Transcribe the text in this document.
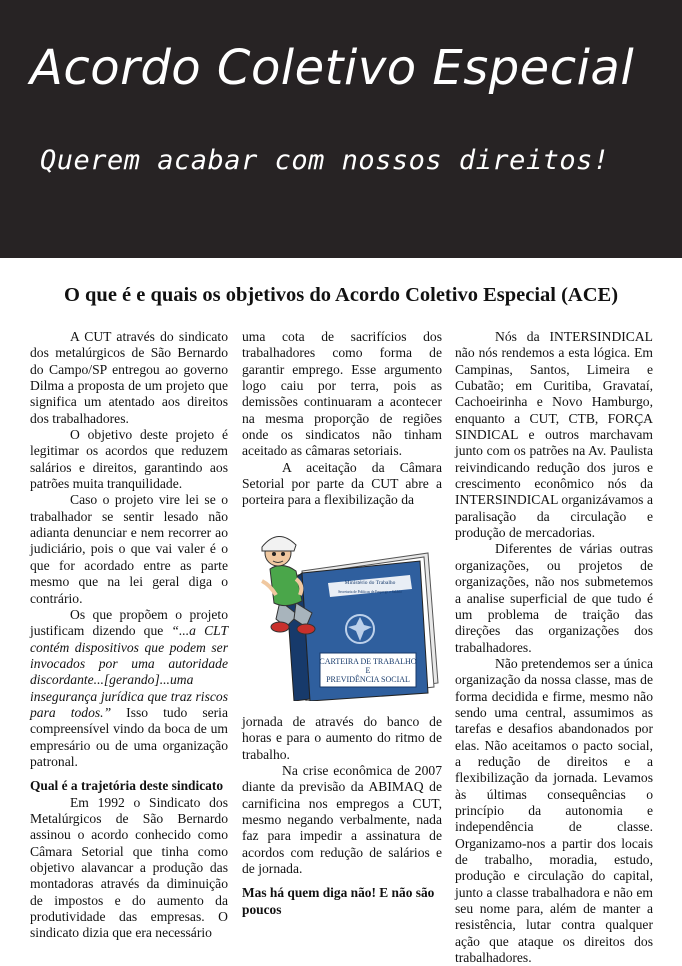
Acordo Coletivo Especial
Querem acabar com nossos direitos!
O que é e quais os objetivos do Acordo Coletivo Especial (ACE)

A CUT através do sindicato dos metalúrgicos de São Bernardo do Campo/SP entregou ao governo Dilma a proposta de um projeto que significa um atentado aos direitos dos trabalhadores.

O objetivo deste projeto é legitimar os acordos que reduzem salários e direitos, garantindo aos patrões muita tranquilidade.

Caso o projeto vire lei se o trabalhador se sentir lesado não adianta denunciar e nem recorrer ao judiciário, pois o que vai valer é o que for acordado entre as parte mesmo que na lei geral diga o contrário.

Os que propõem o projeto justificam dizendo que “...a CLT contém dispositivos que podem ser invocados por uma autoridade discordante...[gerando]...uma insegurança jurídica que traz riscos para todos.” Isso tudo seria compreensível vindo da boca de um empresário ou de uma organização patronal.

Qual é a trajetória deste sindicato

Em 1992 o Sindicato dos Metalúrgicos de São Bernardo assinou o acordo conhecido como Câmara Setorial que tinha como objetivo alavancar a produção das montadoras através da diminuição de impostos e do aumento da produtividade das empresas. O sindicato dizia que era necessário

uma cota de sacrifícios dos trabalhadores como forma de garantir emprego. Esse argumento logo caiu por terra, pois as demissões continuaram a acontecer na mesma proporção de regiões onde os sindicatos não tinham aceitado as câmaras setoriais.

A aceitação da Câmara Setorial por parte da CUT abre a porteira para a flexibilização da

jornada de através do banco de horas e para o aumento do ritmo de trabalho.

Na crise econômica de 2007 diante da previsão da ABIMAQ de carnificina nos empregos a CUT, mesmo negando verbalmente, nada faz para impedir a assinatura de acordos com redução de salários e de jornada.

Mas há quem diga não! E não são poucos
Ministério do Trabalho
Secretaria de Políticas de Emprego e Salário
CARTEIRA DE TRABALHO
E
PREVIDÊNCIA SOCIAL

Nós da INTERSINDICAL não nós rendemos a esta lógica. Em Campinas, Santos, Limeira e Cubatão; em Curitiba, Gravataí, Cachoeirinha e Novo Hamburgo, enquanto a CUT, CTB, FORÇA SINDICAL e outros marchavam junto com os patrões na Av. Paulista reivindicando redução dos juros e crescimento econômico nós da INTERSINDICAL organizávamos a paralisação da circulação e produção de mercadorias.

Diferentes de várias outras organizações, ou projetos de organizações, não nos submetemos a analise superficial de que tudo é um problema de traição das direções das organizações dos trabalhadores.

Não pretendemos ser a única organização da nossa classe, mas de forma decidida e firme, mesmo não sendo uma central, assumimos as tarefas e desafios abandonados por elas. Não aceitamos o pacto social, a redução de direitos e a flexibilização da jornada. Levamos às últimas consequências o princípio da autonomia e independência de classe. Organizamo-nos a partir dos locais de trabalho, moradia, estudo, produção e circulação do capital, junto a classe trabalhadora e não em seu nome para, além de manter a resistência, lutar contra qualquer ação que ataque os direitos dos trabalhadores.
